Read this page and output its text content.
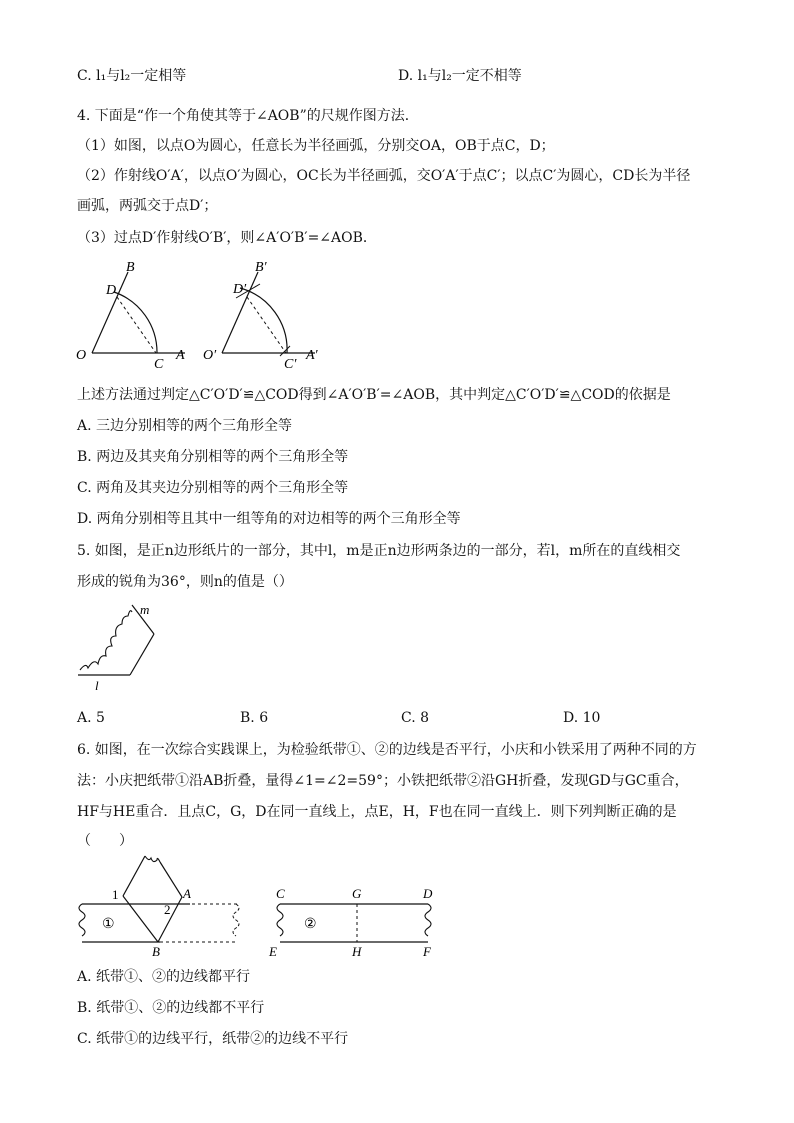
C. l₁与l₂一定相等	D. l₁与l₂一定不相等
4. 下面是“作一个角使其等于∠AOB”的尺规作图方法．
（1）如图，以点O为圆心，任意长为半径画弧，分别交OA，OB于点C，D；
（2）作射线O′A′，以点O′为圆心，OC长为半径画弧，交O′A′于点C′；以点C′为圆心，CD长为半径
画弧，两弧交于点D′；
（3）过点D′作射线O′B′，则∠A′O′B′=∠AOB．
B
D
O
C
A
B′
D′
O′
C′
A′
上述方法通过判定△C′O′D′≌△COD得到∠A′O′B′=∠AOB，其中判定△C′O′D′≌△COD的依据是
A. 三边分别相等的两个三角形全等
B. 两边及其夹角分别相等的两个三角形全等
C. 两角及其夹边分别相等的两个三角形全等
D. 两角分别相等且其中一组等角的对边相等的两个三角形全等
5. 如图，是正n边形纸片的一部分，其中l，m是正n边形两条边的一部分，若l，m所在的直线相交
形成的锐角为36°，则n的值是（）
m
l
A. 5	B. 6	C. 8	D. 10
6. 如图，在一次综合实践课上，为检验纸带①、②的边线是否平行，小庆和小铁采用了两种不同的方
法：小庆把纸带①沿AB折叠，量得∠1=∠2=59°；小铁把纸带②沿GH折叠，发现GD与GC重合，
HF与HE重合．且点C，G，D在同一直线上，点E，H，F也在同一直线上．则下列判断正确的是
（　　）
1
2
A
B
①
C	G	D
E	H	F
②
A. 纸带①、②的边线都平行
B. 纸带①、②的边线都不平行
C. 纸带①的边线平行，纸带②的边线不平行
